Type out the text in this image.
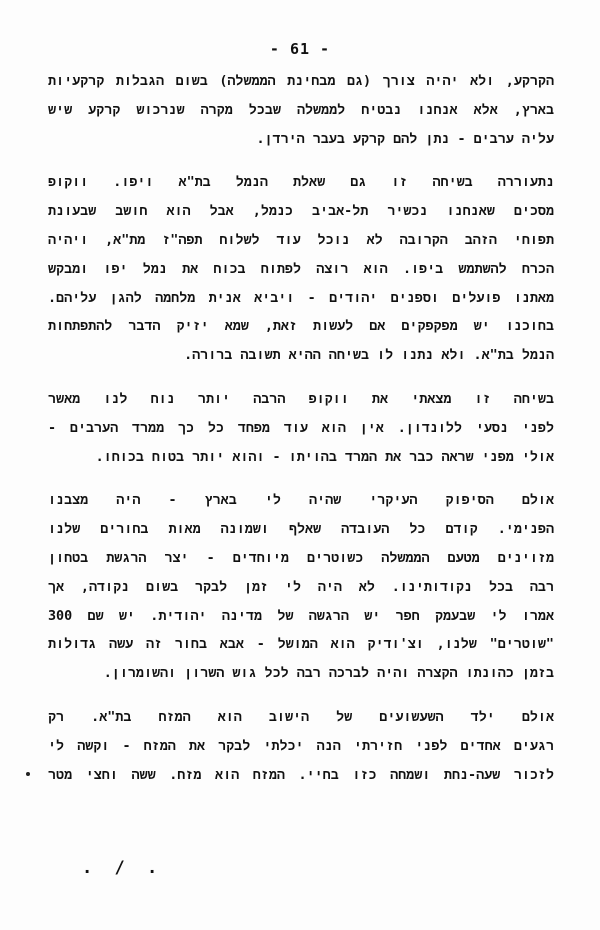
- 61 -

הקרקע, ולא יהיה צורך (גם מבחינת הממשלה) בשום הגבלות קרקעיות
בארץ, אלא אנחנו נבטיח לממשלה שבכל מקרה שנרכוש קרקע שיש
עליה ערבים - נתן להם קרקע בעבר הירדן.

נתעוררה בשיחה זו גם שאלת הנמל בת"א ויפו. ווקופ
מסכים שאנחנו נכשיר תל-אביב כנמל, אבל הוא חושב שבעונת
תפוחי הזהב הקרובה לא נוכל עוד לשלוח תפה"ז מת"א, ויהיה
הכרח להשתמש ביפו. הוא רוצה לפתוח בכוח את נמל יפו ומבקש
מאתנו פועלים וספנים יהודים - ויביא אנית מלחמה להגן עליהם.
בחוכנו יש מפקפקים אם לעשות זאת, שמא יזיק הדבר להתפתחות
הנמל בת"א. ולא נתנו לו בשיחה ההיא תשובה ברורה.

בשיחה זו מצאתי את ווקופ הרבה יותר נוח לנו מאשר
לפני נסעי ללונדון. אין הוא עוד מפחד כל כך ממרד הערבים -
אולי מפני שראה כבר את המרד בהויתו - והוא יותר בטוח בכוחו.

אולם הסיפוק העיקרי שהיה לי בארץ - היה מצבנו
הפנימי. קודם כל העובדה שאלף ושמונה מאות בחורים שלנו
מזוינים מטעם הממשלה כשוטרים מיוחדים - יצר הרגשת בטחון
רבה בכל נקודותינו. לא היה לי זמן לבקר בשום נקודה, אך
אמרו לי שבעמק חפר יש הרגשה של מדינה יהודית. יש שם 300
"שוטרים" שלנו, וצ'ודיק הוא המושל - אבא בחור זה עשה גדולות
בזמן כהונתו הקצרה והיה לברכה רבה לכל גוש השרון והשומרון.

אולם ילד השעשועים של הישוב הוא המזח בת"א. רק
רגעים אחדים לפני חזירתי הנה יכלתי לבקר את המזח - וקשה לי
לזכור שעה-נחת ושמחה כזו בחיי. המזח הוא מזח. ששה וחצי מטר

. / .
